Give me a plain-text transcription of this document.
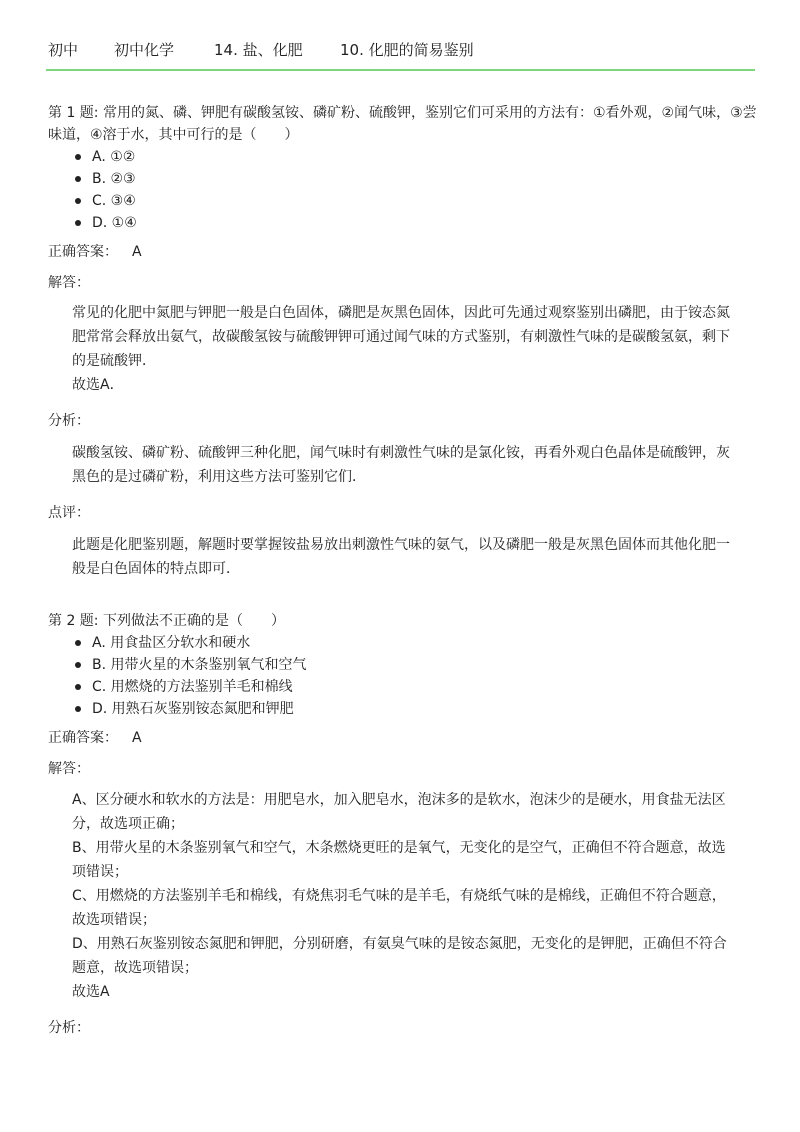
初中 初中化学	14. 盐、化肥 10. 化肥的简易鉴别

第 1 题: 常用的氮、磷、钾肥有碳酸氢铵、磷矿粉、硫酸钾，鉴别它们可采用的方法有：①看外观，②闻气味，③尝味道，④溶于水，其中可行的是（　　）

A. ①②
B. ②③
C. ③④
D. ①④
正确答案： A
解答：

常见的化肥中氮肥与钾肥一般是白色固体，磷肥是灰黑色固体，因此可先通过观察鉴别出磷肥，由于铵态氮肥常常会释放出氨气，故碳酸氢铵与硫酸钾钾可通过闻气味的方式鉴别，有刺激性气味的是碳酸氢氨，剩下的是硫酸钾．

故选A．

分析：

碳酸氢铵、磷矿粉、硫酸钾三种化肥，闻气味时有刺激性气味的是氯化铵，再看外观白色晶体是硫酸钾，灰黑色的是过磷矿粉，利用这些方法可鉴别它们．

点评：

此题是化肥鉴别题，解题时要掌握铵盐易放出刺激性气味的氨气，以及磷肥一般是灰黑色固体而其他化肥一般是白色固体的特点即可．

第 2 题: 下列做法不正确的是（　　）

A. 用食盐区分软水和硬水
B. 用带火星的木条鉴别氧气和空气
C. 用燃烧的方法鉴别羊毛和棉线
D. 用熟石灰鉴别铵态氮肥和钾肥
正确答案： A
解答：

A、区分硬水和软水的方法是：用肥皂水，加入肥皂水，泡沫多的是软水，泡沫少的是硬水，用食盐无法区分，故选项正确；

B、用带火星的木条鉴别氧气和空气，木条燃烧更旺的是氧气，无变化的是空气，正确但不符合题意，故选项错误；

C、用燃烧的方法鉴别羊毛和棉线，有烧焦羽毛气味的是羊毛，有烧纸气味的是棉线，正确但不符合题意，故选项错误；

D、用熟石灰鉴别铵态氮肥和钾肥，分别研磨，有氨臭气味的是铵态氮肥，无变化的是钾肥，正确但不符合题意，故选项错误；

故选A

分析：
